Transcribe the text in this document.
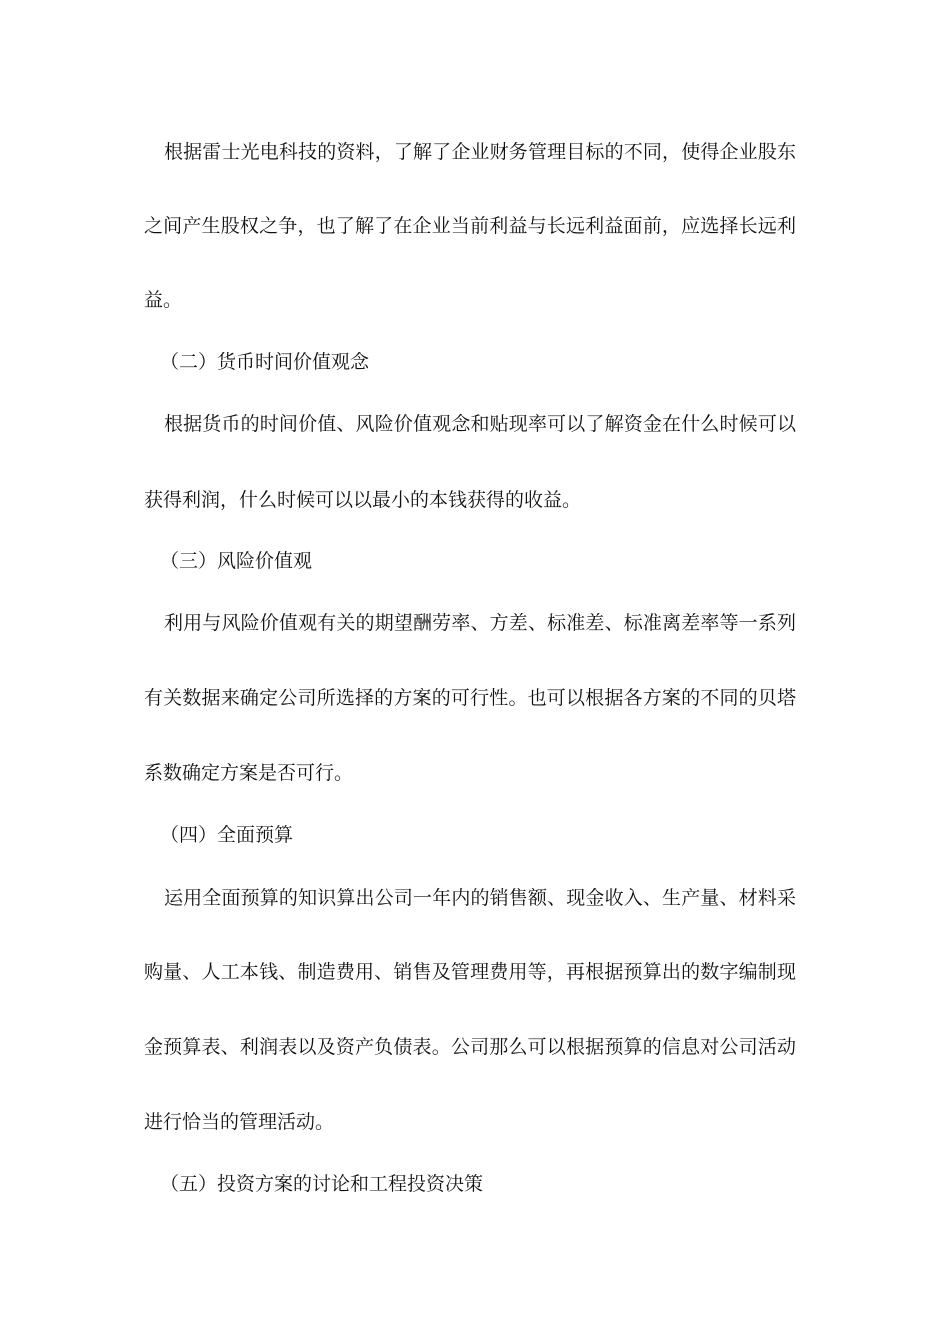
根据雷士光电科技的资料，了解了企业财务管理目标的不同，使得企业股东
之间产生股权之争，也了解了在企业当前利益与长远利益面前，应选择长远利
益。
（二）货币时间价值观念
根据货币的时间价值、风险价值观念和贴现率可以了解资金在什么时候可以
获得利润，什么时候可以以最小的本钱获得的收益。
（三）风险价值观
利用与风险价值观有关的期望酬劳率、方差、标准差、标准离差率等一系列
有关数据来确定公司所选择的方案的可行性。也可以根据各方案的不同的贝塔
系数确定方案是否可行。
（四）全面预算
运用全面预算的知识算出公司一年内的销售额、现金收入、生产量、材料采
购量、人工本钱、制造费用、销售及管理费用等，再根据预算出的数字编制现
金预算表、利润表以及资产负债表。公司那么可以根据预算的信息对公司活动
进行恰当的管理活动。
（五）投资方案的讨论和工程投资决策
